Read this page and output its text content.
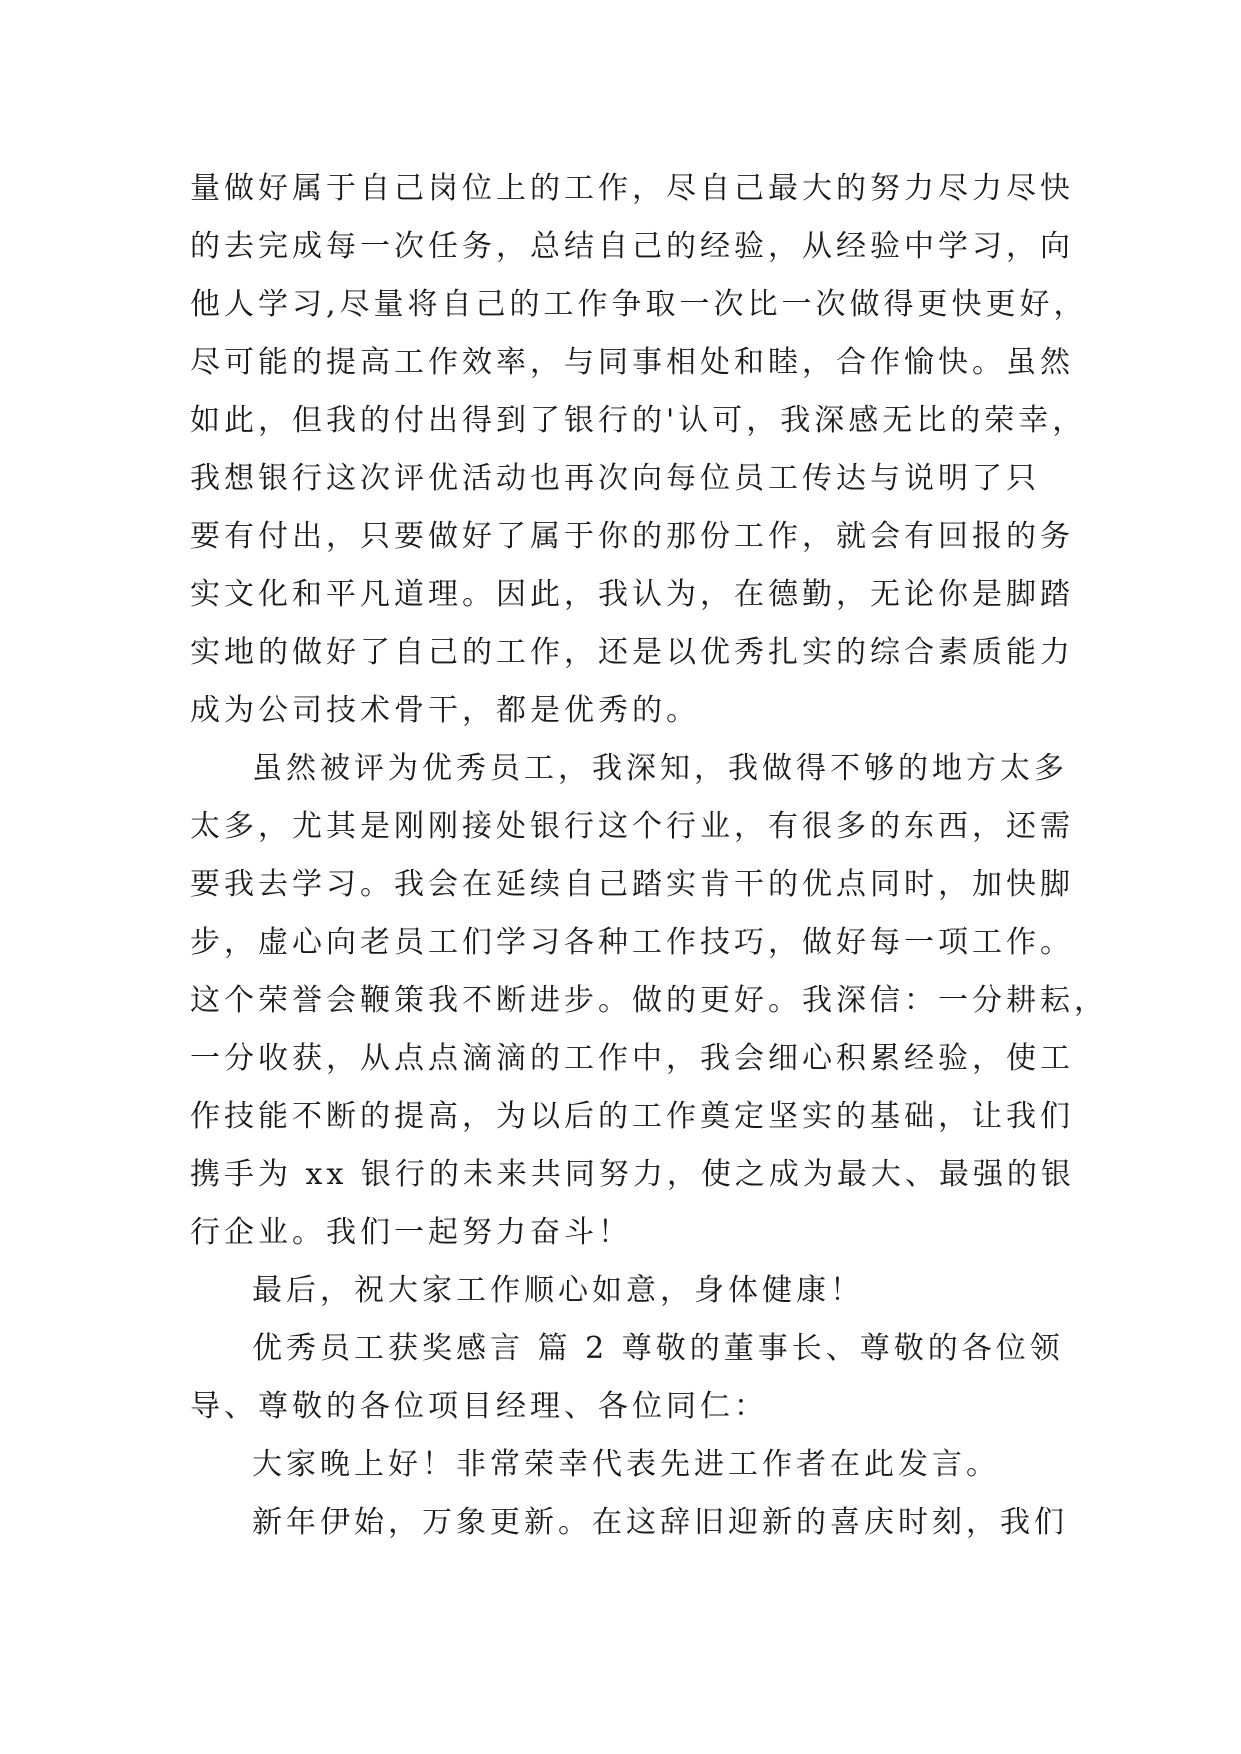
量做好属于自己岗位上的工作，尽自己最大的努力尽力尽快
的去完成每一次任务，总结自己的经验，从经验中学习，向
他人学习,尽量将自己的工作争取一次比一次做得更快更好，
尽可能的提高工作效率，与同事相处和睦，合作愉快。虽然
如此，但我的付出得到了银行的'认可，我深感无比的荣幸，
我想银行这次评优活动也再次向每位员工传达与说明了只
要有付出，只要做好了属于你的那份工作，就会有回报的务
实文化和平凡道理。因此，我认为，在德勤，无论你是脚踏
实地的做好了自己的工作，还是以优秀扎实的综合素质能力
成为公司技术骨干，都是优秀的。
虽然被评为优秀员工，我深知，我做得不够的地方太多
太多，尤其是刚刚接处银行这个行业，有很多的东西，还需
要我去学习。我会在延续自己踏实肯干的优点同时，加快脚
步，虚心向老员工们学习各种工作技巧，做好每一项工作。
这个荣誉会鞭策我不断进步。做的更好。我深信：一分耕耘，
一分收获，从点点滴滴的工作中，我会细心积累经验，使工
作技能不断的提高，为以后的工作奠定坚实的基础，让我们
携手为 xx 银行的未来共同努力，使之成为最大、最强的银
行企业。我们一起努力奋斗！
最后，祝大家工作顺心如意，身体健康！
优秀员工获奖感言 篇 2 尊敬的董事长、尊敬的各位领
导、尊敬的各位项目经理、各位同仁：
大家晚上好！非常荣幸代表先进工作者在此发言。
新年伊始，万象更新。在这辞旧迎新的喜庆时刻，我们
